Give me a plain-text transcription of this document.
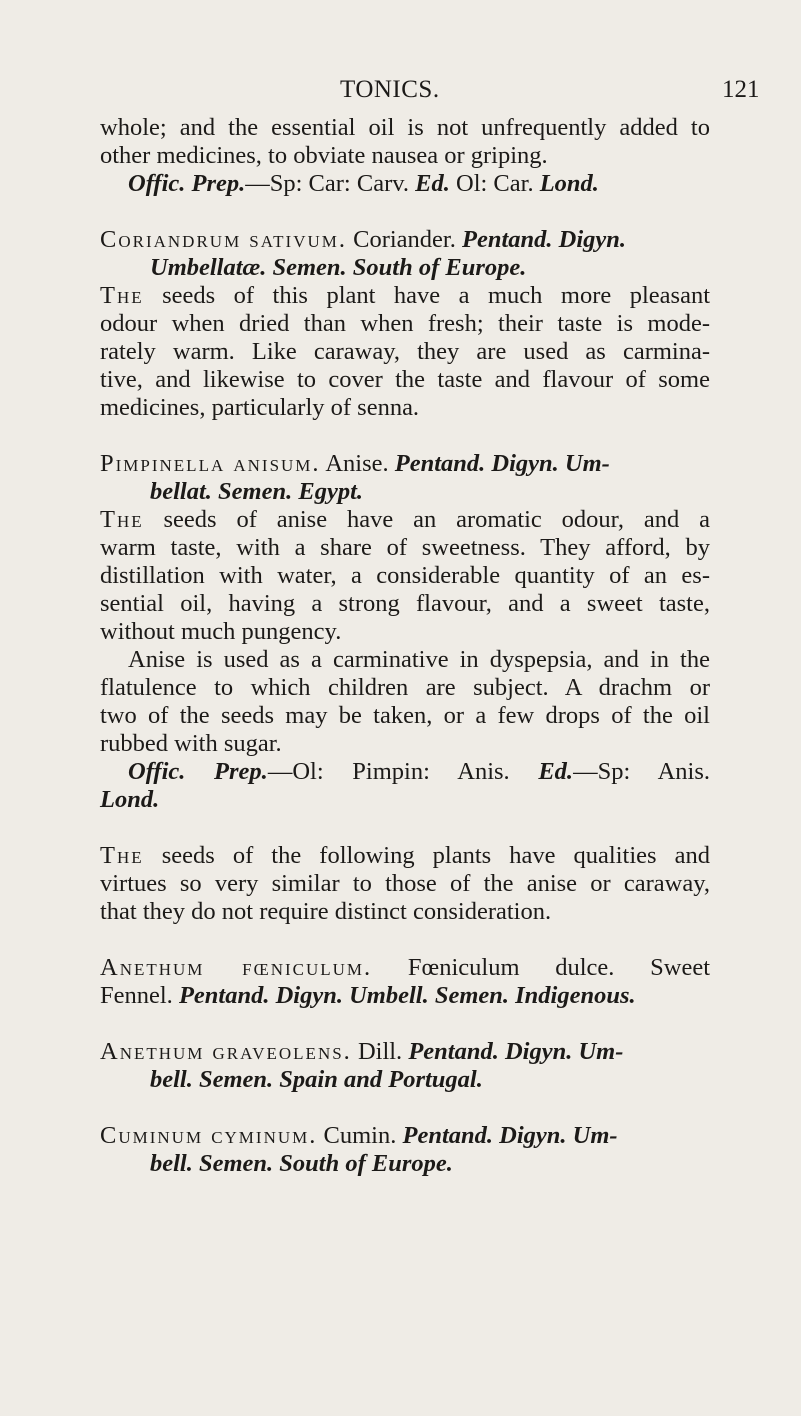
TONICS.	121
whole; and the essential oil is not unfrequently added to
other medicines, to obviate nausea or griping.
Offic. Prep.—Sp: Car: Carv. Ed. Ol: Car. Lond.
Coriandrum sativum. Coriander. Pentand. Digyn.
Umbellatæ. Semen. South of Europe.
The seeds of this plant have a much more pleasant
odour when dried than when fresh; their taste is mode-
rately warm. Like caraway, they are used as carmina-
tive, and likewise to cover the taste and flavour of some
medicines, particularly of senna.
Pimpinella anisum. Anise. Pentand. Digyn. Um-
bellat. Semen. Egypt.
The seeds of anise have an aromatic odour, and a
warm taste, with a share of sweetness. They afford, by
distillation with water, a considerable quantity of an es-
sential oil, having a strong flavour, and a sweet taste,
without much pungency.
Anise is used as a carminative in dyspepsia, and in the
flatulence to which children are subject. A drachm or
two of the seeds may be taken, or a few drops of the oil
rubbed with sugar.
Offic. Prep.—Ol: Pimpin: Anis. Ed.—Sp: Anis.
Lond.
The seeds of the following plants have qualities and
virtues so very similar to those of the anise or caraway,
that they do not require distinct consideration.
Anethum fœniculum. Fœniculum dulce. Sweet
Fennel. Pentand. Digyn. Umbell. Semen. Indigenous.
Anethum graveolens. Dill. Pentand. Digyn. Um-
bell. Semen. Spain and Portugal.
Cuminum cyminum. Cumin. Pentand. Digyn. Um-
bell. Semen. South of Europe.
